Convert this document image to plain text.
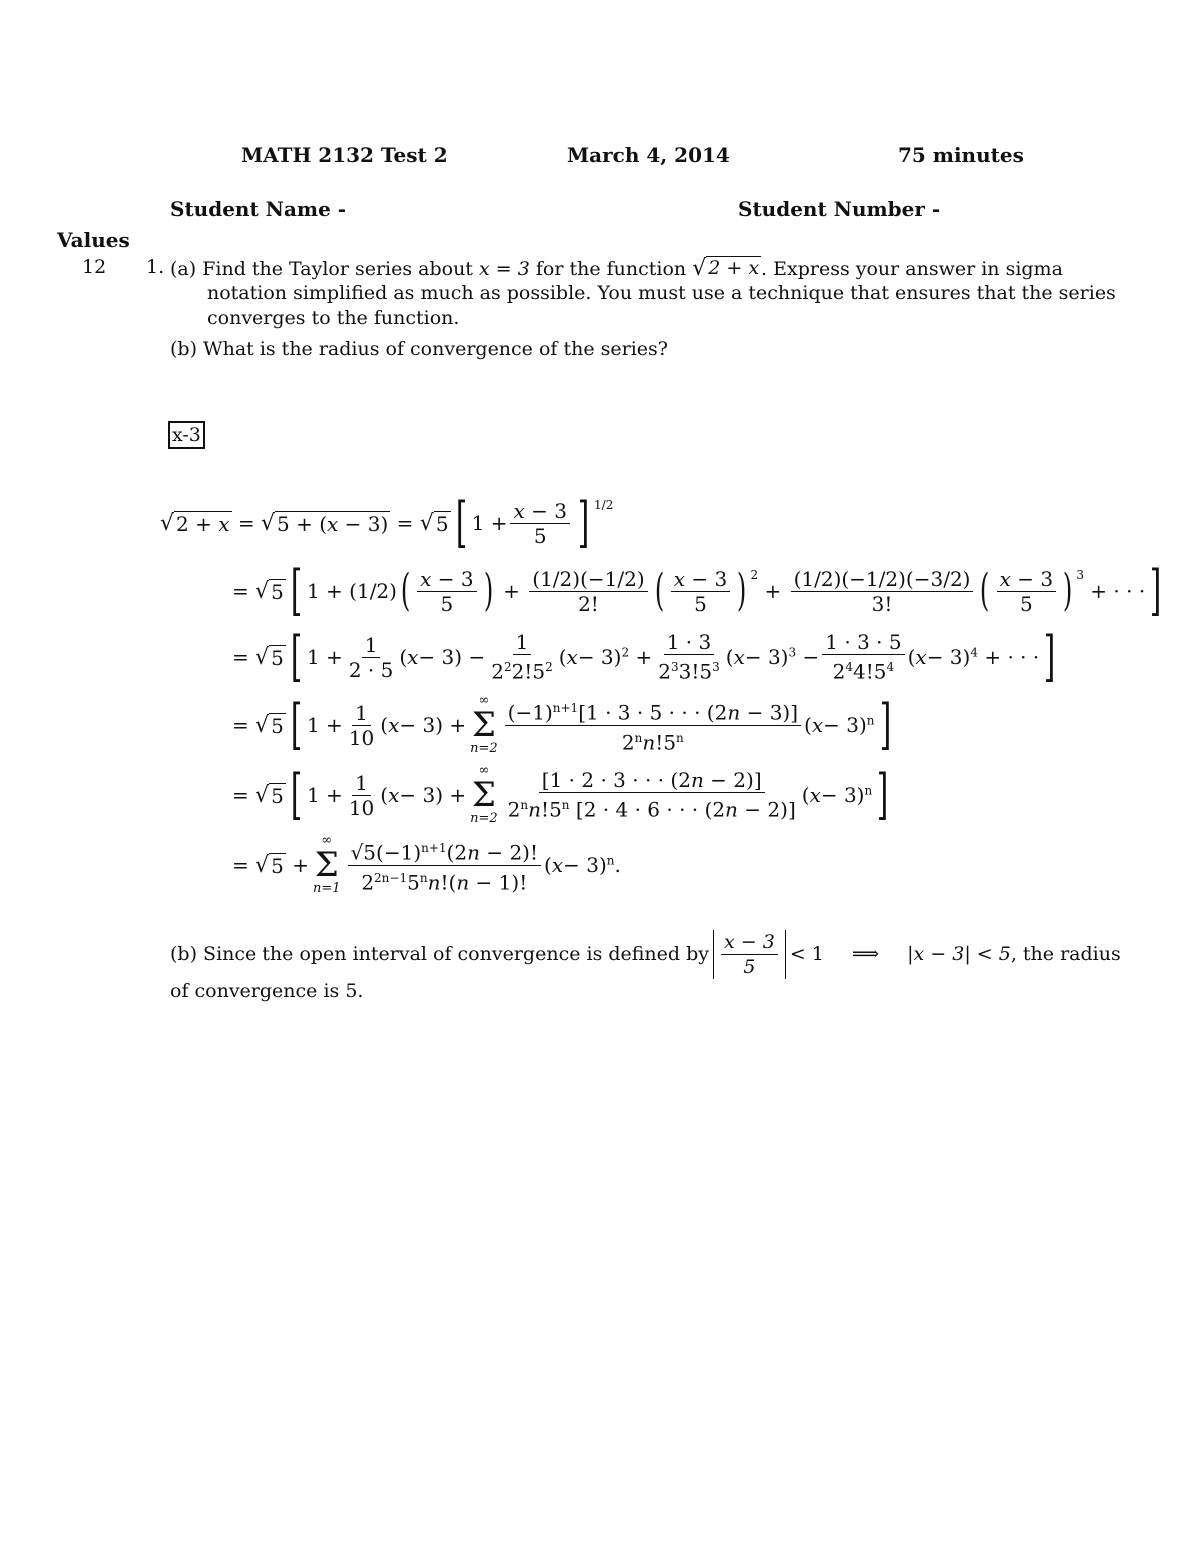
MATH 2132 Test 2	March 4, 2014	75 minutes
Student Name -	Student Number -
Values
12 1. (a) Find the Taylor series about x = 3 for the function √ 2 + x . Express your answer in sigma
notation simplified as much as possible. You must use a technique that ensures that the series
converges to the function.
(b) What is the radius of convergence of the series?
x-3
√ 2 + x = √ 5 + (x − 3) = √ 5 [ $1 + \frac{x - 3}{5}$ ] $^{1/2}$
= √ 5 [ 1 + (1/2) ( $\frac{x - 3}{5}$ ) + $\frac{(1/2)(-1/2)}{2!}$ ( $\frac{x - 3}{5}$ ) $^2$
+ $\frac{(1/2)(-1/2)(-3/2)}{3!}$ ( $\frac{x - 3}{5}$ ) $^3$
+ · · · ]
= √ 5 [ $1 + \frac{1}{2 \cdot 5}$ ( $x - 3) - \frac{1}{2^22!5^2}$ ( $x - 3)^2 + \frac{1 \cdot 3}{2^33!5^3}$ ( $x - 3)^3 - \frac{1 \cdot 3 \cdot 5}{2^44!5^4}$ ( x − 3)$^4$ + · · · ]
= √ 5 [ $1 + \frac{1}{10}$ ( x − 3) +
∞
Σ
$n=2 \frac{(-1)^{n+1}[1 \cdot 3 \cdot 5 \cdot \cdot \cdot (2n - 3)]}{2^nn!5^n}$ ( x − 3)$^n$ ]
= √ 5 [ $1 + \frac{1}{10}$ ( x − 3) +
∞
Σ
$n=2 \frac{[1 \cdot 2 \cdot 3 \cdot \cdot \cdot (2n - 2)]}{2^nn!5^n [2 \cdot 4 \cdot 6 \cdot \cdot \cdot (2n - 2)]}$ ( x − 3)$^n$ ]
= √ 5 +
∞
Σ
$n=1 \frac{√5(-1)^{n+1}(2n - 2)!}{2^{2n-1}5^nn!(n - 1)!}$ ( x − 3)$^n$.
(b)
Since the open interval of convergence is defined by $\frac{x - 3}{5} < 1$ ⟹ |x − 3| < 5 , the radius
of convergence is 5.
